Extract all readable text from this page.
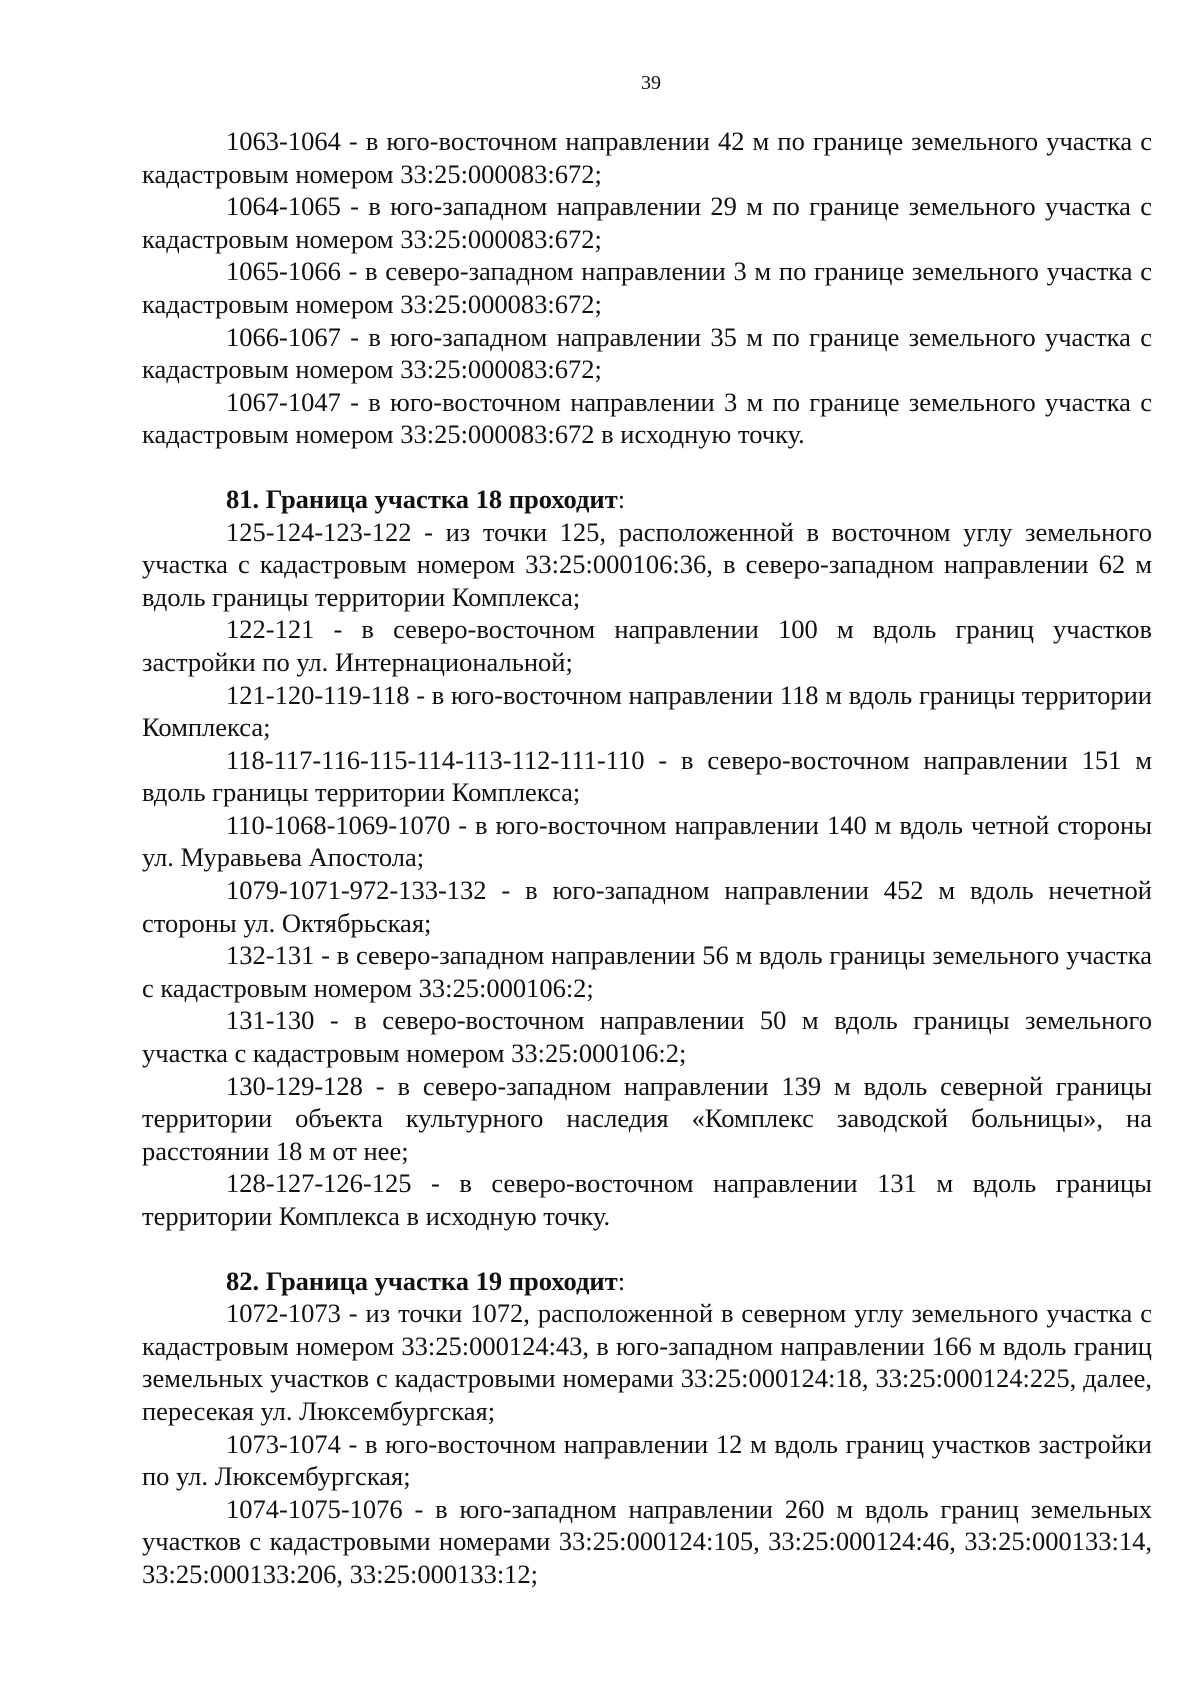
39

1063-1064 - в юго-восточном направлении 42 м по границе земельного участка с кадастровым номером 33:25:000083:672;

1064-1065 - в юго-западном направлении 29 м по границе земельного участка с кадастровым номером 33:25:000083:672;

1065-1066 - в северо-западном направлении 3 м по границе земельного участка с кадастровым номером 33:25:000083:672;

1066-1067 - в юго-западном направлении 35 м по границе земельного участка с кадастровым номером 33:25:000083:672;

1067-1047 - в юго-восточном направлении 3 м по границе земельного участка с кадастровым номером 33:25:000083:672 в исходную точку.

81. Граница участка 18 проходит:

125-124-123-122 - из точки 125, расположенной в восточном углу земельного участка с кадастровым номером 33:25:000106:36, в северо-западном направлении 62 м вдоль границы территории Комплекса;

122-121 - в северо-восточном направлении 100 м вдоль границ участков застройки по ул. Интернациональной;

121-120-119-118 - в юго-восточном направлении 118 м вдоль границы территории Комплекса;

118-117-116-115-114-113-112-111-110 - в северо-восточном направлении 151 м вдоль границы территории Комплекса;

110-1068-1069-1070 - в юго-восточном направлении 140 м вдоль четной стороны ул. Муравьева Апостола;

1079-1071-972-133-132 - в юго-западном направлении 452 м вдоль нечетной стороны ул. Октябрьская;

132-131 - в северо-западном направлении 56 м вдоль границы земельного участка с кадастровым номером 33:25:000106:2;

131-130 - в северо-восточном направлении 50 м вдоль границы земельного участка с кадастровым номером 33:25:000106:2;

130-129-128 - в северо-западном направлении 139 м вдоль северной границы территории объекта культурного наследия «Комплекс заводской больницы», на расстоянии 18 м от нее;

128-127-126-125 - в северо-восточном направлении 131 м вдоль границы территории Комплекса в исходную точку.

82. Граница участка 19 проходит:

1072-1073 - из точки 1072, расположенной в северном углу земельного участка с кадастровым номером 33:25:000124:43, в юго-западном направлении 166 м вдоль границ земельных участков с кадастровыми номерами 33:25:000124:18, 33:25:000124:225, далее, пересекая ул. Люксембургская;

1073-1074 - в юго-восточном направлении 12 м вдоль границ участков застройки по ул. Люксембургская;

1074-1075-1076 - в юго-западном направлении 260 м вдоль границ земельных участков с кадастровыми номерами 33:25:000124:105, 33:25:000124:46, 33:25:000133:14, 33:25:000133:206, 33:25:000133:12;
